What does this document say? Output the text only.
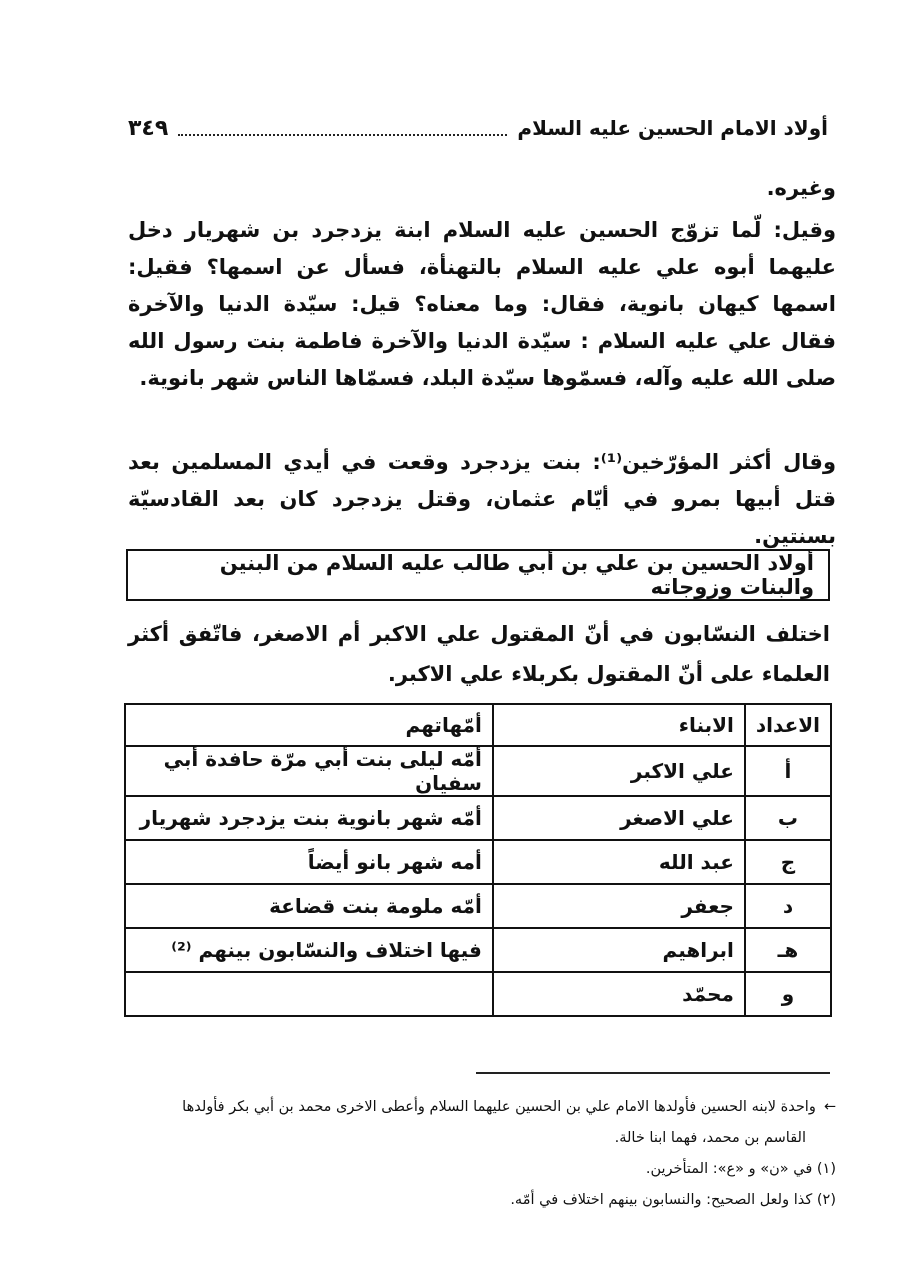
أولاد الامام الحسين عليه السلام
٣٤٩
وغيره.
وقيل: لّما تزوّج الحسين عليه السلام ابنة يزدجرد بن شهريار دخل عليهما أبوه علي عليه السلام بالتهنأة، فسأل عن اسمها؟ فقيل: اسمها كيهان بانوية، فقال: وما معناه؟ قيل: سيّدة الدنيا والآخرة فقال علي عليه السلام : سيّدة الدنيا والآخرة فاطمة بنت رسول الله صلى الله عليه وآله، فسمّوها سيّدة البلد، فسمّاها الناس شهر بانوية.
وقال أكثر المؤرّخين⁽¹⁾: بنت يزدجرد وقعت في أيدي المسلمين بعد قتل أبيها بمرو في أيّام عثمان، وقتل يزدجرد كان بعد القادسيّة بسنتين.
أولاد الحسين بن علي بن أبي طالب عليه السلام من البنين والبنات وزوجاته
اختلف النسّابون في أنّ المقتول علي الاكبر أم الاصغر، فاتّفق أكثر العلماء على أنّ المقتول بكربلاء علي الاكبر.
الاعداد	الابناء	أمّهاتهم
أ	علي الاكبر	أمّه ليلى بنت أبي مرّة حافدة أبي سفيان
ب	علي الاصغر	أمّه شهر بانوية بنت يزدجرد شهريار
ج	عبد الله	أمه شهر بانو أيضاً
د	جعفر	أمّه ملومة بنت قضاعة
هـ	ابراهيم	فيها اختلاف والنسّابون بينهم ⁽²⁾
و	محمّد	
←واحدة لابنه الحسين فأولدها الامام علي بن الحسين عليهما السلام وأعطى الاخرى محمد بن أبي بكر فأولدها
القاسم بن محمد، فهما ابنا خالة.
(١) في «ن» و «ع»: المتأخرين.
(٢) كذا ولعل الصحيح: والنسابون بينهم اختلاف في أمّه.
